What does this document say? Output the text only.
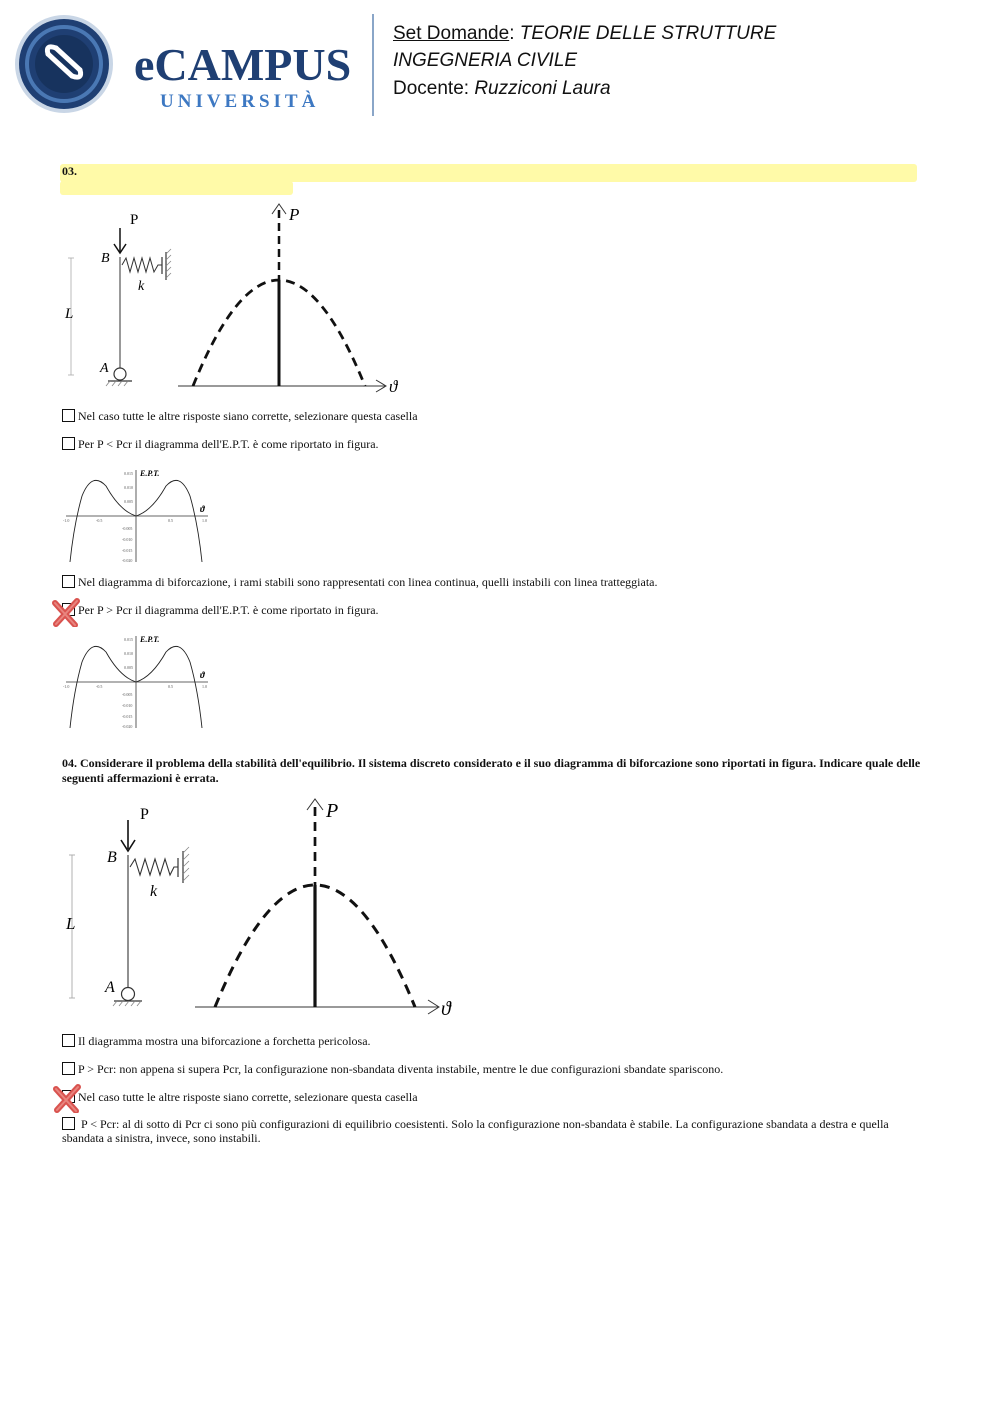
eCAMPUS
UNIVERSITÀ
Set Domande: TEORIE DELLE STRUTTURE
INGEGNERIA CIVILE
Docente: Ruzziconi Laura
03.
P
B
k
L
A
ϑ
P
Nel caso tutte le altre risposte siano corrette, selezionare questa casella
Per P < Pcr il diagramma dell'E.P.T. è come riportato in figura.
E.P.T.
ϑ
0.015
0.010
0.005
-0.005
-0.010
-0.015
-0.020
-1.0	-0.5	0.5	1.0
Nel diagramma di biforcazione, i rami stabili sono rappresentati con linea continua, quelli instabili con linea tratteggiata.
Per P > Pcr il diagramma dell'E.P.T. è come riportato in figura.
E.P.T.
ϑ
0.015
0.010
0.005
-0.005
-0.010
-0.015
-0.020
-1.0	-0.5	0.5	1.0
04. Considerare il problema della stabilità dell'equilibrio. Il sistema discreto considerato e il suo diagramma di biforcazione sono riportati in figura. Indicare quale delle seguenti affermazioni è errata.
P
B
k
L
A
ϑ
P
Il diagramma mostra una biforcazione a forchetta pericolosa.
P > Pcr: non appena si supera Pcr, la configurazione non-sbandata diventa instabile, mentre le due configurazioni sbandate spariscono.
Nel caso tutte le altre risposte siano corrette, selezionare questa casella
P < Pcr: al di sotto di Pcr ci sono più configurazioni di equilibrio coesistenti. Solo la configurazione non-sbandata è stabile. La configurazione sbandata a destra e quella sbandata a sinistra, invece, sono instabili.
